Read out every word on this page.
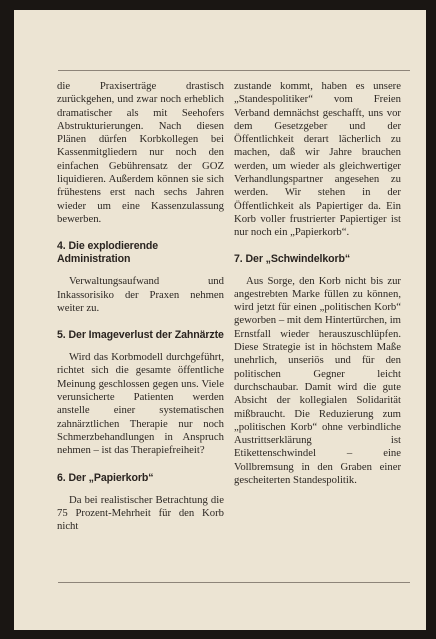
die Praxiserträge drastisch zurückgehen, und zwar noch erheblich dramatischer als mit Seehofers Abstrukturierungen. Nach diesen Plänen dürfen Korbkollegen bei Kassenmitgliedern nur noch den einfachen Gebührensatz der GOZ liquidieren. Außerdem können sie sich frühestens erst nach sechs Jahren wieder um eine Kassenzulassung bewerben.

4. Die explodierende Administration

Verwaltungsaufwand und Inkassorisiko der Praxen nehmen weiter zu.

5. Der Imageverlust der Zahnärzte

Wird das Korbmodell durchgeführt, richtet sich die gesamte öffentliche Meinung geschlossen gegen uns. Viele verunsicherte Patienten werden anstelle einer systematischen zahnärztlichen Therapie nur noch Schmerzbehandlungen in Anspruch nehmen – ist das Therapiefreiheit?

6. Der „Papierkorb“

Da bei realistischer Betrachtung die 75 Prozent-Mehrheit für den Korb nicht

zustande kommt, haben es unsere „Standespolitiker“ vom Freien Verband demnächst geschafft, uns vor dem Gesetzgeber und der Öffentlichkeit derart lächerlich zu machen, daß wir Jahre brauchen werden, um wieder als gleichwertiger Verhandlungspartner angesehen zu werden. Wir stehen in der Öffentlichkeit als Papiertiger da. Ein Korb voller frustrierter Papiertiger ist nur noch ein „Papierkorb“.

7. Der „Schwindelkorb“

Aus Sorge, den Korb nicht bis zur angestrebten Marke füllen zu können, wird jetzt für einen „politischen Korb“ geworben – mit dem Hintertürchen, im Ernstfall wieder herauszuschlüpfen. Diese Strategie ist in höchstem Maße unehrlich, unseriös und für den politischen Gegner leicht durchschaubar. Damit wird die gute Absicht der kollegialen Solidarität mißbraucht. Die Reduzierung zum „politischen Korb“ ohne verbindliche Austrittserklärung ist Etikettenschwindel – eine Vollbremsung in den Graben einer gescheiterten Standespolitik.
